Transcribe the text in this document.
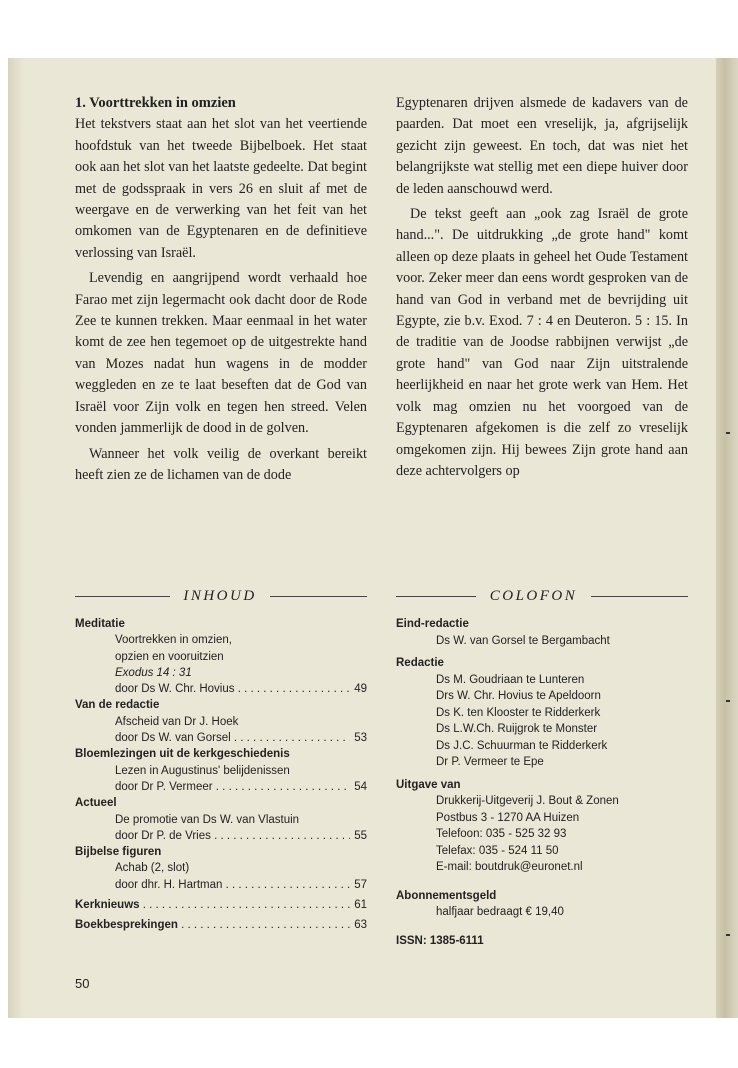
1. Voorttrekken in omzien

Het tekstvers staat aan het slot van het veertiende hoofdstuk van het tweede Bijbelboek. Het staat ook aan het slot van het laatste gedeelte. Dat begint met de godsspraak in vers 26 en sluit af met de weergave en de verwerking van het feit van het omkomen van de Egyptenaren en de definitieve verlossing van Israël.

Levendig en aangrijpend wordt verhaald hoe Farao met zijn legermacht ook dacht door de Rode Zee te kunnen trekken. Maar eenmaal in het water komt de zee hen tegemoet op de uitgestrekte hand van Mozes nadat hun wagens in de modder weggleden en ze te laat beseften dat de God van Israël voor Zijn volk en tegen hen streed. Velen vonden jammerlijk de dood in de golven.

Wanneer het volk veilig de overkant bereikt heeft zien ze de lichamen van de dode

Egyptenaren drijven alsmede de kadavers van de paarden. Dat moet een vreselijk, ja, afgrijselijk gezicht zijn geweest. En toch, dat was niet het belangrijkste wat stellig met een diepe huiver door de leden aanschouwd werd.

De tekst geeft aan „ook zag Israël de grote hand...". De uitdrukking „de grote hand" komt alleen op deze plaats in geheel het Oude Testament voor. Zeker meer dan eens wordt gesproken van de hand van God in verband met de bevrijding uit Egypte, zie b.v. Exod. 7 : 4 en Deuteron. 5 : 15. In de traditie van de Joodse rabbijnen verwijst „de grote hand" van God naar Zijn uitstralende heerlijkheid en naar het grote werk van Hem. Het volk mag omzien nu het voorgoed van de Egyptenaren afgekomen is die zelf zo vreselijk omgekomen zijn. Hij bewees Zijn grote hand aan deze achtervolgers op

INHOUD	COLOFON
Meditatie
Voortrekken in omzien,
opzien en vooruitzien
Exodus 14 : 31
door Ds W. Chr. Hovius . . .	49
Van de redactie
Afscheid van Dr J. Hoek
door Ds W. van Gorsel . . .	53
Bloemlezingen uit de kerkgeschiedenis
Lezen in Augustinus' belijdenissen
door Dr P. Vermeer . . .	54
Actueel
De promotie van Ds W. van Vlastuin
door Dr P. de Vries . . .	55
Bijbelse figuren
Achab (2, slot)
door dhr. H. Hartman . . .	57
Kerknieuws . . .	61
Boekbesprekingen . . .	63
Eind-redactie
Ds W. van Gorsel te Bergambacht
Redactie
Ds M. Goudriaan te Lunteren
Drs W. Chr. Hovius te Apeldoorn
Ds K. ten Klooster te Ridderkerk
Ds L.W.Ch. Ruijgrok te Monster
Ds J.C. Schuurman te Ridderkerk
Dr P. Vermeer te Epe
Uitgave van
Drukkerij-Uitgeverij J. Bout & Zonen
Postbus 3 - 1270 AA Huizen
Telefoon: 035 - 525 32 93
Telefax: 035 - 524 11 50
E-mail: boutdruk@euronet.nl
Abonnementsgeld
halfjaar bedraagt € 19,40
ISSN: 1385-6111
50
